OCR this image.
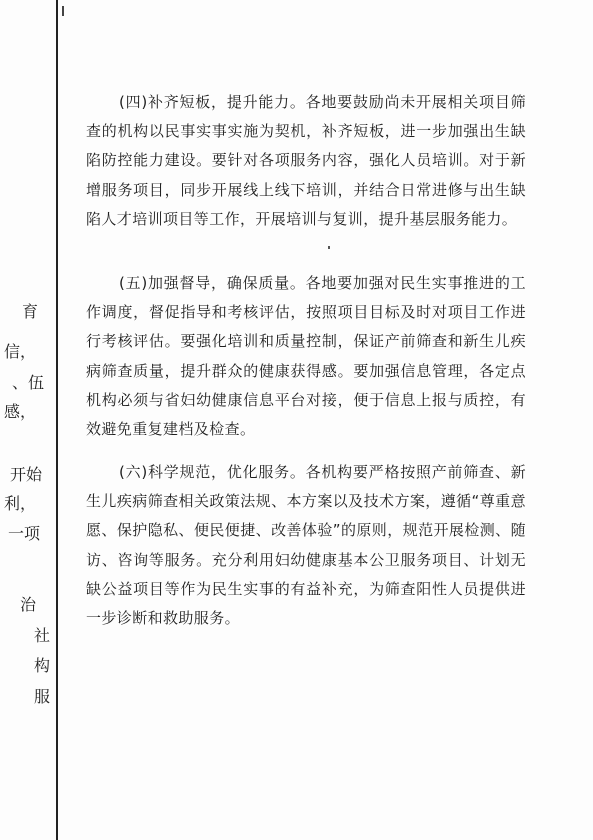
育
信，
、伍
感，
开始
利，
一项
治
社
构
服

(四)补齐短板，提升能力。各地要鼓励尚未开展相关项目筛查的机构以民事实事实施为契机，补齐短板，进一步加强出生缺陷防控能力建设。要针对各项服务内容，强化人员培训。对于新增服务项目，同步开展线上线下培训，并结合日常进修与出生缺陷人才培训项目等工作，开展培训与复训，提升基层服务能力。

(五)加强督导，确保质量。各地要加强对民生实事推进的工作调度，督促指导和考核评估，按照项目目标及时对项目工作进行考核评估。要强化培训和质量控制，保证产前筛查和新生儿疾病筛查质量，提升群众的健康获得感。要加强信息管理，各定点机构必须与省妇幼健康信息平台对接，便于信息上报与质控，有效避免重复建档及检查。

(六)科学规范，优化服务。各机构要严格按照产前筛查、新生儿疾病筛查相关政策法规、本方案以及技术方案，遵循“尊重意愿、保护隐私、便民便捷、改善体验”的原则，规范开展检测、随访、咨询等服务。充分利用妇幼健康基本公卫服务项目、计划无缺公益项目等作为民生实事的有益补充，为筛查阳性人员提供进一步诊断和救助服务。
